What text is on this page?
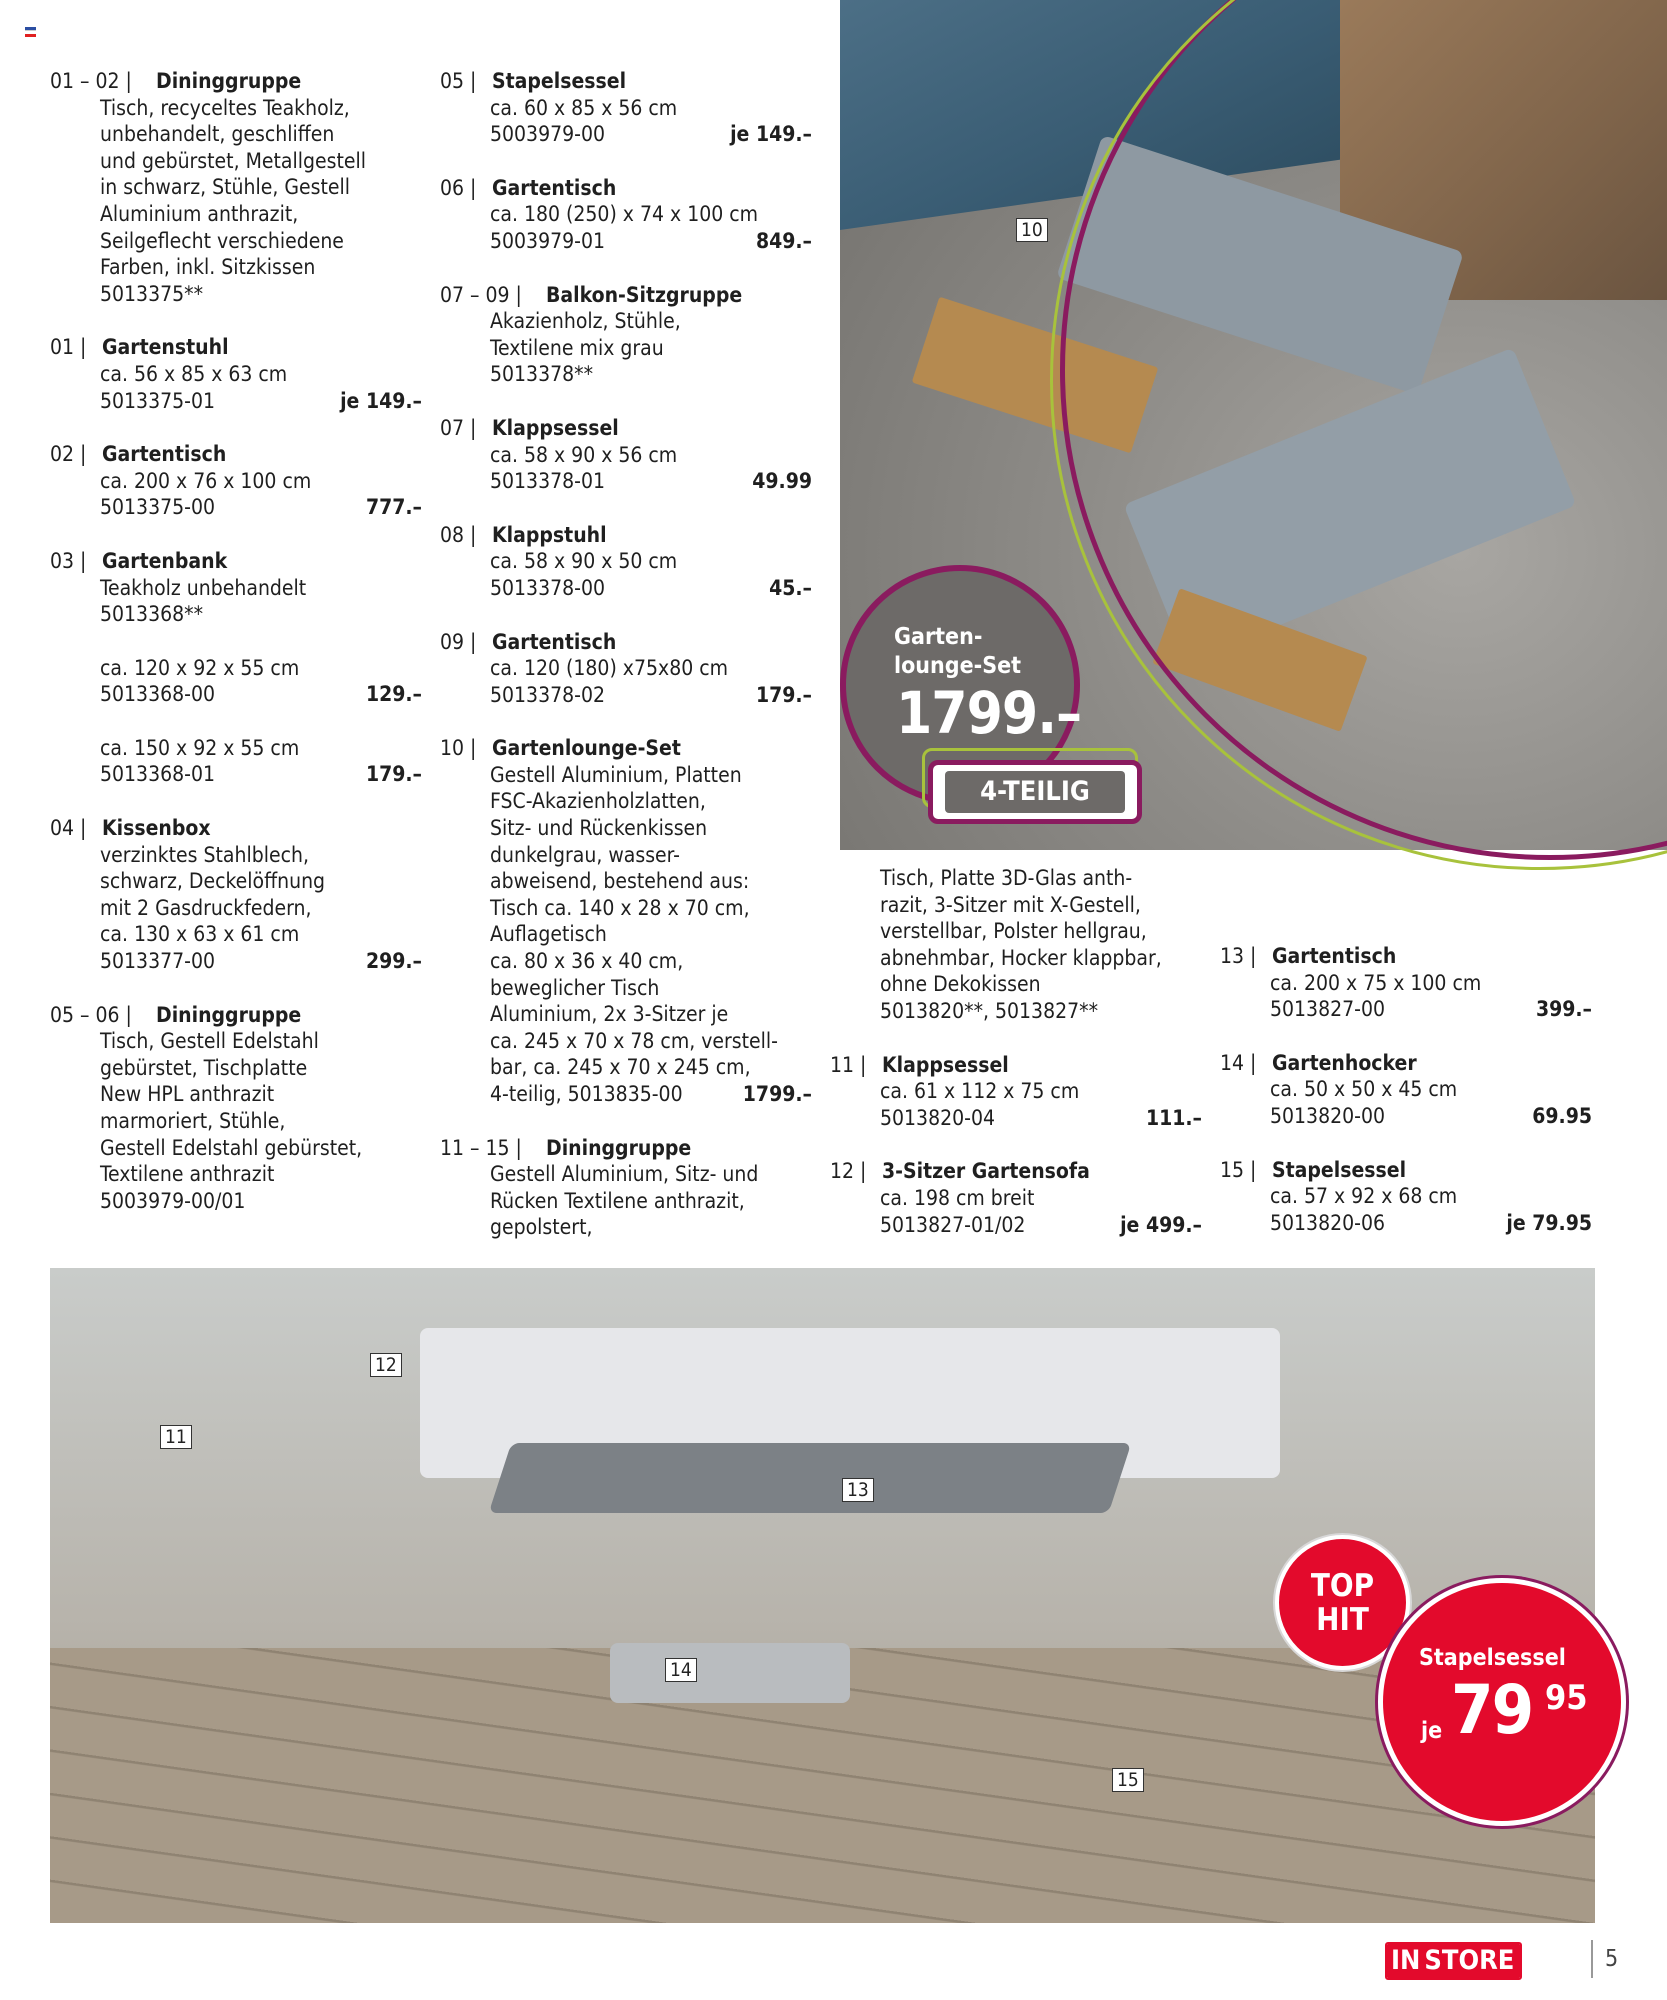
10
Garten-
lounge-Set
1799.–
4-TEILIG
01 – 02 |	Dininggruppe
Tisch, recyceltes Teakholz,
unbehandelt, geschliffen
und gebürstet, Metallgestell
in schwarz, Stühle, Gestell
Aluminium anthrazit,
Seilgeflecht verschiedene
Farben, inkl. Sitzkissen
5013375**
01 | Gartenstuhl
ca. 56 x 85 x 63 cm
5013375-01	je 149.–
02 | Gartentisch
ca. 200 x 76 x 100 cm
5013375-00	777.–
03 | Gartenbank
Teakholz unbehandelt
5013368**
ca. 120 x 92 x 55 cm
5013368-00	129.–
ca. 150 x 92 x 55 cm
5013368-01	179.–
04 | Kissenbox
verzinktes Stahlblech,
schwarz, Deckelöffnung
mit 2 Gasdruckfedern,
ca. 130 x 63 x 61 cm
5013377-00	299.–
05 – 06 |	Dininggruppe
Tisch, Gestell Edelstahl
gebürstet, Tischplatte
New HPL anthrazit
marmoriert, Stühle,
Gestell Edelstahl gebürstet,
Textilene anthrazit
5003979-00/01
05 | Stapelsessel
ca. 60 x 85 x 56 cm
5003979-00	je 149.–
06 | Gartentisch
ca. 180 (250) x 74 x 100 cm
5003979-01	849.–
07 – 09 |	Balkon-Sitzgruppe
Akazienholz, Stühle,
Textilene mix grau
5013378**
07 | Klappsessel
ca. 58 x 90 x 56 cm
5013378-01	49.99
08 | Klappstuhl
ca. 58 x 90 x 50 cm
5013378-00	45.–
09 | Gartentisch
ca. 120 (180) x75x80 cm
5013378-02	179.–
10 | Gartenlounge-Set
Gestell Aluminium, Platten
FSC-Akazienholzlatten,
Sitz- und Rückenkissen
dunkelgrau, wasser-
abweisend, bestehend aus:
Tisch ca. 140 x 28 x 70 cm,
Auflagetisch
ca. 80 x 36 x 40 cm,
beweglicher Tisch
Aluminium, 2x 3-Sitzer je
ca. 245 x 70 x 78 cm, verstell-
bar, ca. 245 x 70 x 245 cm,
4-teilig, 5013835-00	1799.–
11 – 15 |	Dininggruppe
Gestell Aluminium, Sitz- und
Rücken Textilene anthrazit,
gepolstert,
Tisch, Platte 3D-Glas anth-
razit, 3-Sitzer mit X-Gestell,
verstellbar, Polster hellgrau,
abnehmbar, Hocker klappbar,
ohne Dekokissen
5013820**, 5013827**
11 | Klappsessel
ca. 61 x 112 x 75 cm
5013820-04	111.–
12 | 3-Sitzer Gartensofa
ca. 198 cm breit
5013827-01/02	je 499.–
13 | Gartentisch
ca. 200 x 75 x 100 cm
5013827-00	399.–
14 | Gartenhocker
ca. 50 x 50 x 45 cm
5013820-00	69.95
15 | Stapelsessel
ca. 57 x 92 x 68 cm
5013820-06	je 79.95
12
11
13
14
15
TOP
HIT
Stapelsessel
je 79 95
IN STORE	5
